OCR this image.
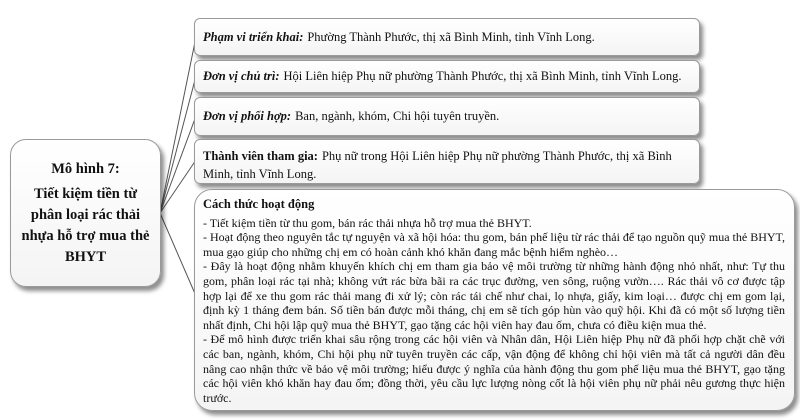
Mô hình 7:
Tiết kiệm tiền từ phân loại rác thải nhựa hỗ trợ mua thẻ BHYT
Phạm vi triển khai: Phường Thành Phước, thị xã Bình Minh, tỉnh Vĩnh Long.
Đơn vị chủ trì: Hội Liên hiệp Phụ nữ phường Thành Phước, thị xã Bình Minh, tỉnh Vĩnh Long.
Đơn vị phối hợp: Ban, ngành, khóm, Chi hội tuyên truyền.
Thành viên tham gia: Phụ nữ trong Hội Liên hiệp Phụ nữ phường Thành Phước, thị xã Bình Minh, tỉnh Vĩnh Long.
Cách thức hoạt động

- Tiết kiệm tiền từ thu gom, bán rác thải nhựa hỗ trợ mua thẻ BHYT.

- Hoạt động theo nguyên tắc tự nguyện và xã hội hóa: thu gom, bán phế liệu từ rác thải để tạo nguồn quỹ mua thẻ BHYT, mua gạo giúp cho những chị em có hoàn cảnh khó khăn đang mắc bệnh hiểm nghèo…

- Đây là hoạt động nhằm khuyến khích chị em tham gia bảo vệ môi trường từ những hành động nhỏ nhất, như: Tự thu gom, phân loại rác tại nhà; không vứt rác bừa bãi ra các trục đường, ven sông, ruộng vườn…. Rác thải vô cơ được tập hợp lại để xe thu gom rác thải mang đi xử lý; còn rác tái chế như chai, lọ nhựa, giấy, kim loại… được chị em gom lại, định kỳ 1 tháng đem bán. Số tiền bán được mỗi tháng, chị em sẽ tích góp hùn vào quỹ hội. Khi đã có một số lượng tiền nhất định, Chi hội lập quỹ mua thẻ BHYT, gạo tặng các hội viên hay đau ốm, chưa có điều kiện mua thẻ.

- Để mô hình được triển khai sâu rộng trong các hội viên và Nhân dân, Hội Liên hiệp Phụ nữ đã phối hợp chặt chẽ với các ban, ngành, khóm, Chi hội phụ nữ tuyên truyền các cấp, vận động để không chỉ hội viên mà tất cả người dân đều nâng cao nhận thức về bảo vệ môi trường; hiểu được ý nghĩa của hành động thu gom phế liệu mua thẻ BHYT, gạo tặng các hội viên khó khăn hay đau ốm; đồng thời, yêu cầu lực lượng nòng cốt là hội viên phụ nữ phải nêu gương thực hiện trước.
